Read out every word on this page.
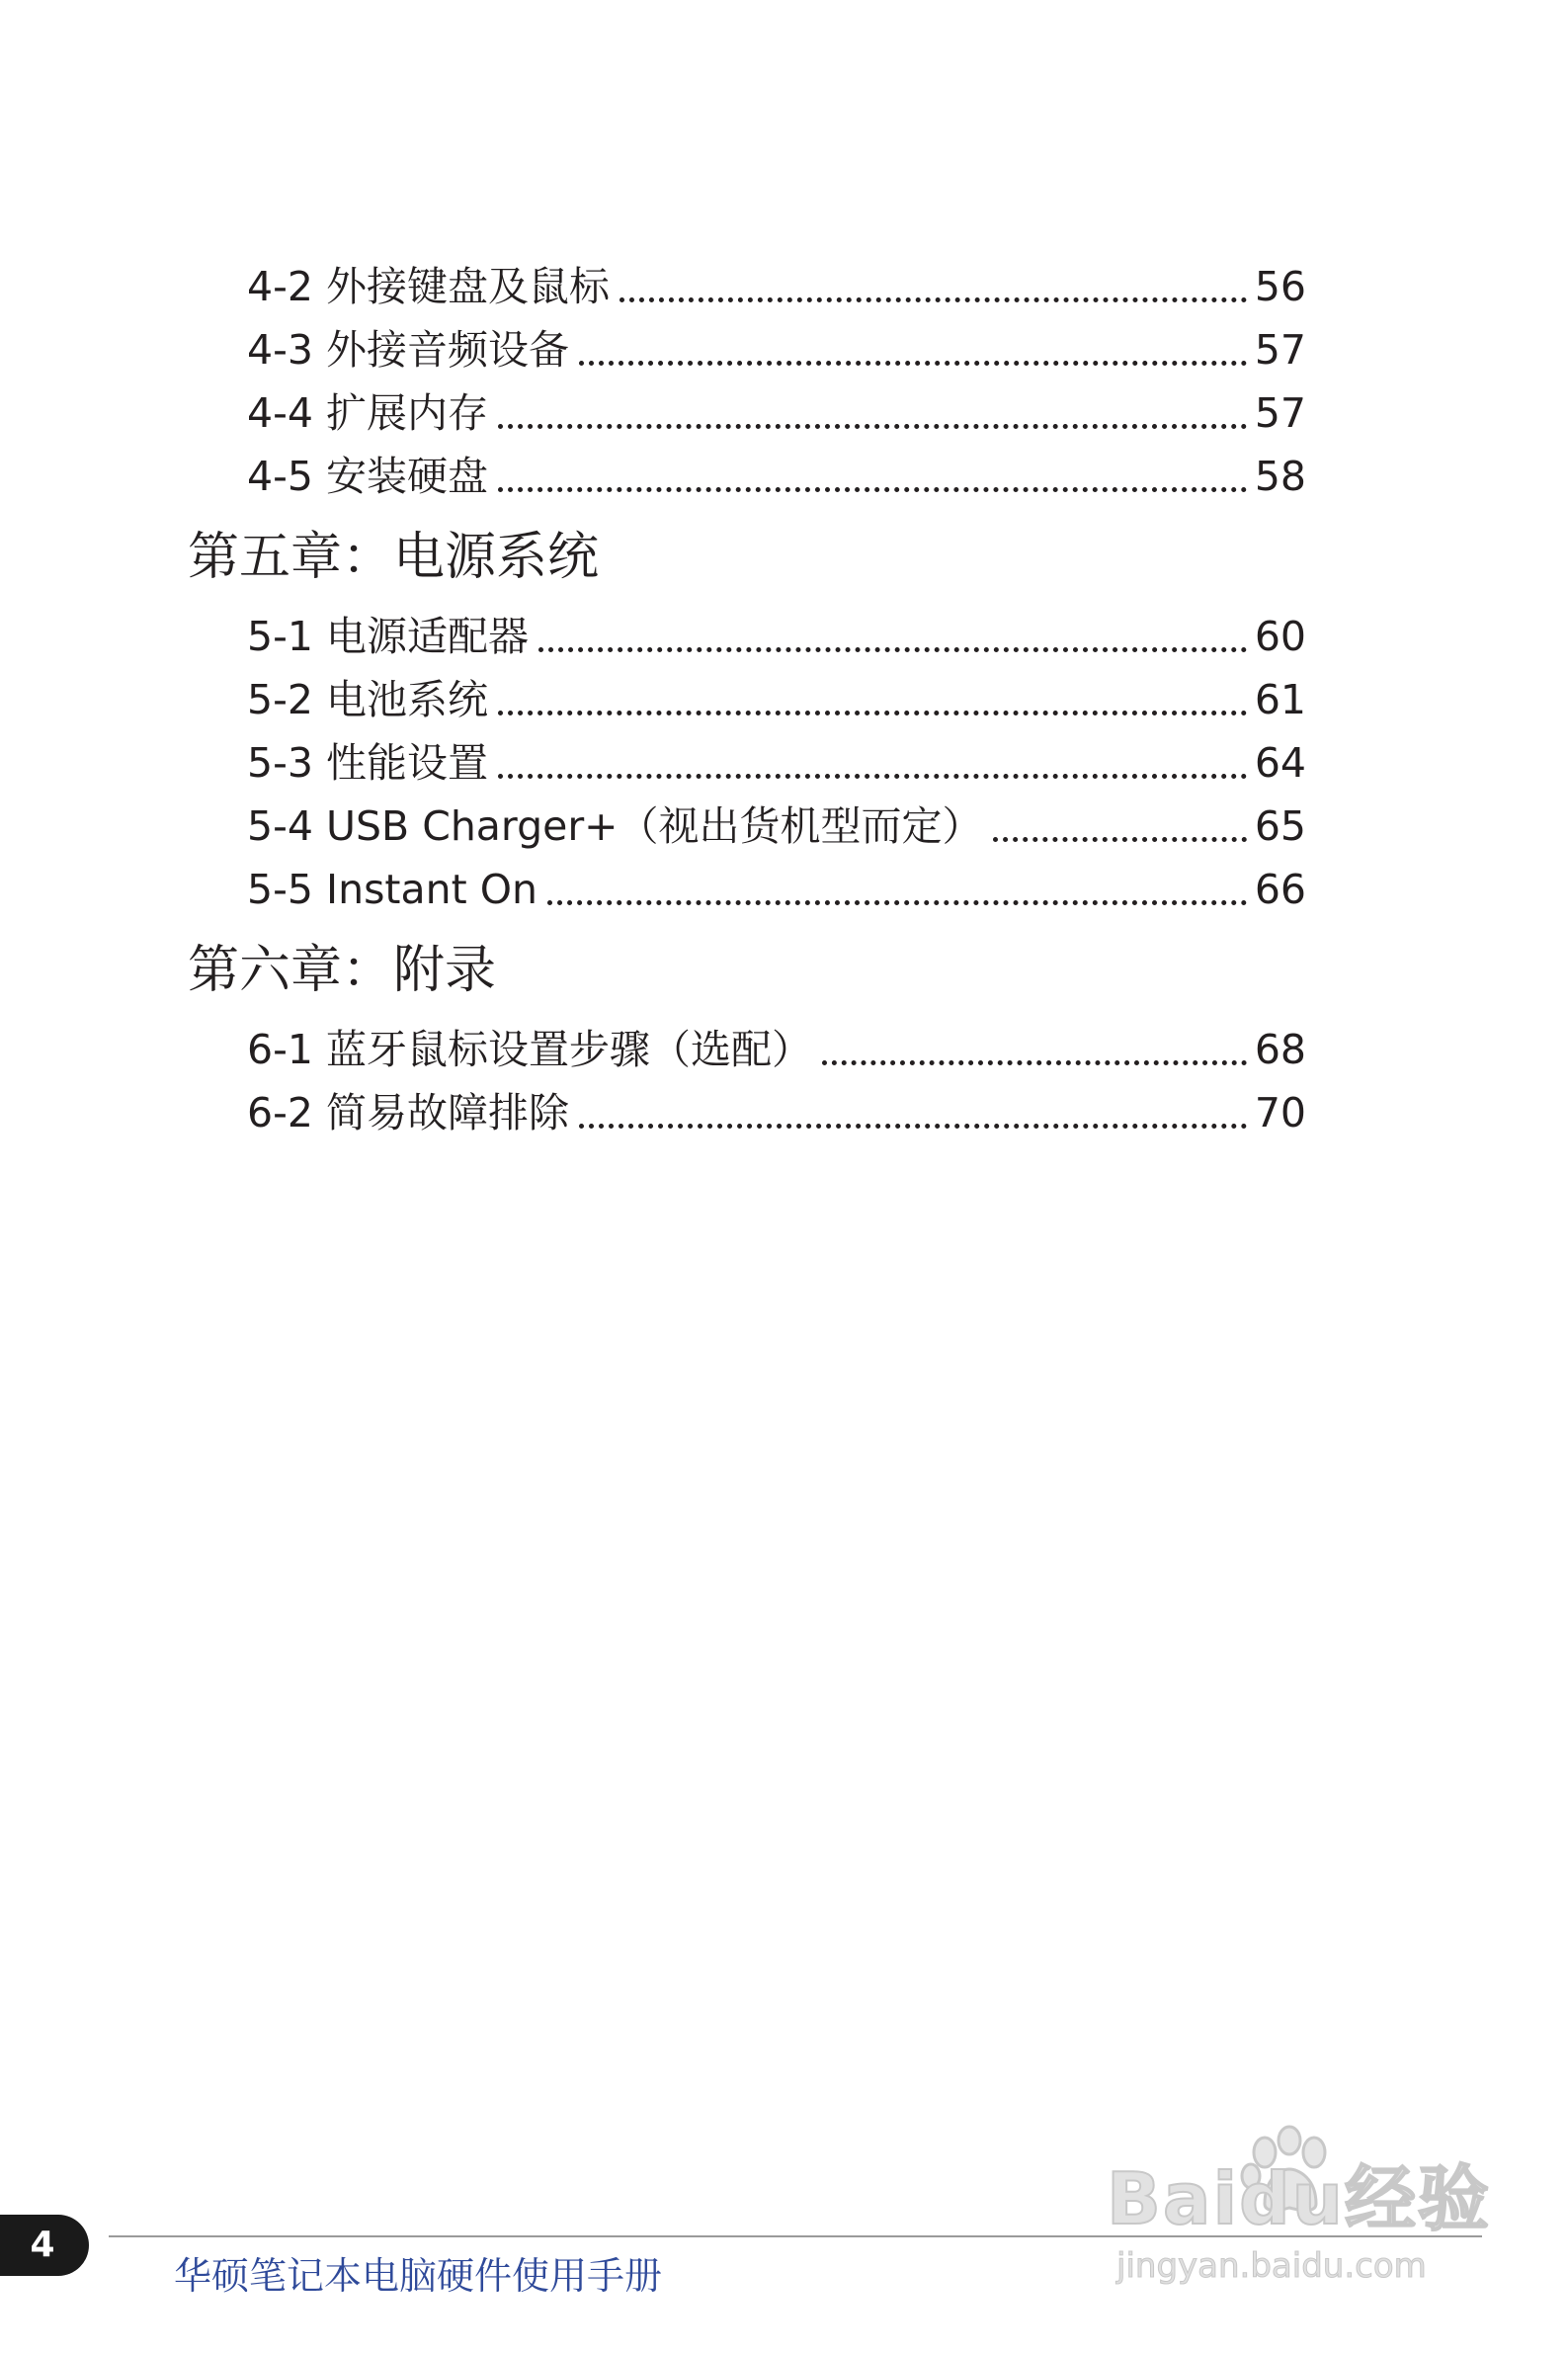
4-2 外接键盘及鼠标	56
4-3 外接音频设备	57
4-4 扩展内存	57
4-5 安装硬盘	58
第五章：电源系统
5-1 电源适配器	60
5-2 电池系统	61
5-3 性能设置	64
5-4 USB Charger+（视出货机型而定）	65
5-5 Instant On	66
第六章：附录
6-1 蓝牙鼠标设置步骤（选配）	68
6-2 简易故障排除	70
Baidu经验
jingyan.baidu.com
4
华硕笔记本电脑硬件使用手册
